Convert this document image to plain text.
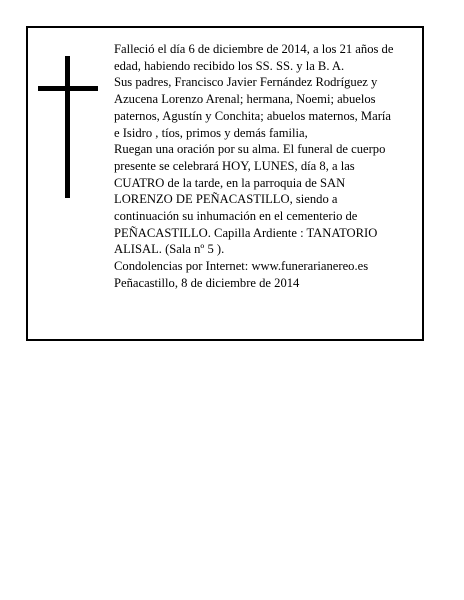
Falleció el día 6 de diciembre de 2014, a los 21 años de
edad, habiendo recibido los SS. SS. y la B. A.
Sus padres, Francisco Javier Fernández Rodríguez y
Azucena Lorenzo Arenal; hermana, Noemi; abuelos
paternos, Agustín y Conchita; abuelos maternos, María
e Isidro , tíos, primos y demás familia,
Ruegan una oración por su alma. El funeral de cuerpo
presente se celebrará HOY, LUNES, día 8, a las
CUATRO de la tarde, en la parroquia de SAN
LORENZO DE PEÑACASTILLO, siendo a
continuación su inhumación en el cementerio de
PEÑACASTILLO. Capilla Ardiente : TANATORIO
ALISAL. (Sala nº 5 ).
Condolencias por Internet: www.funerarianereo.es
Peñacastillo, 8 de diciembre de 2014
